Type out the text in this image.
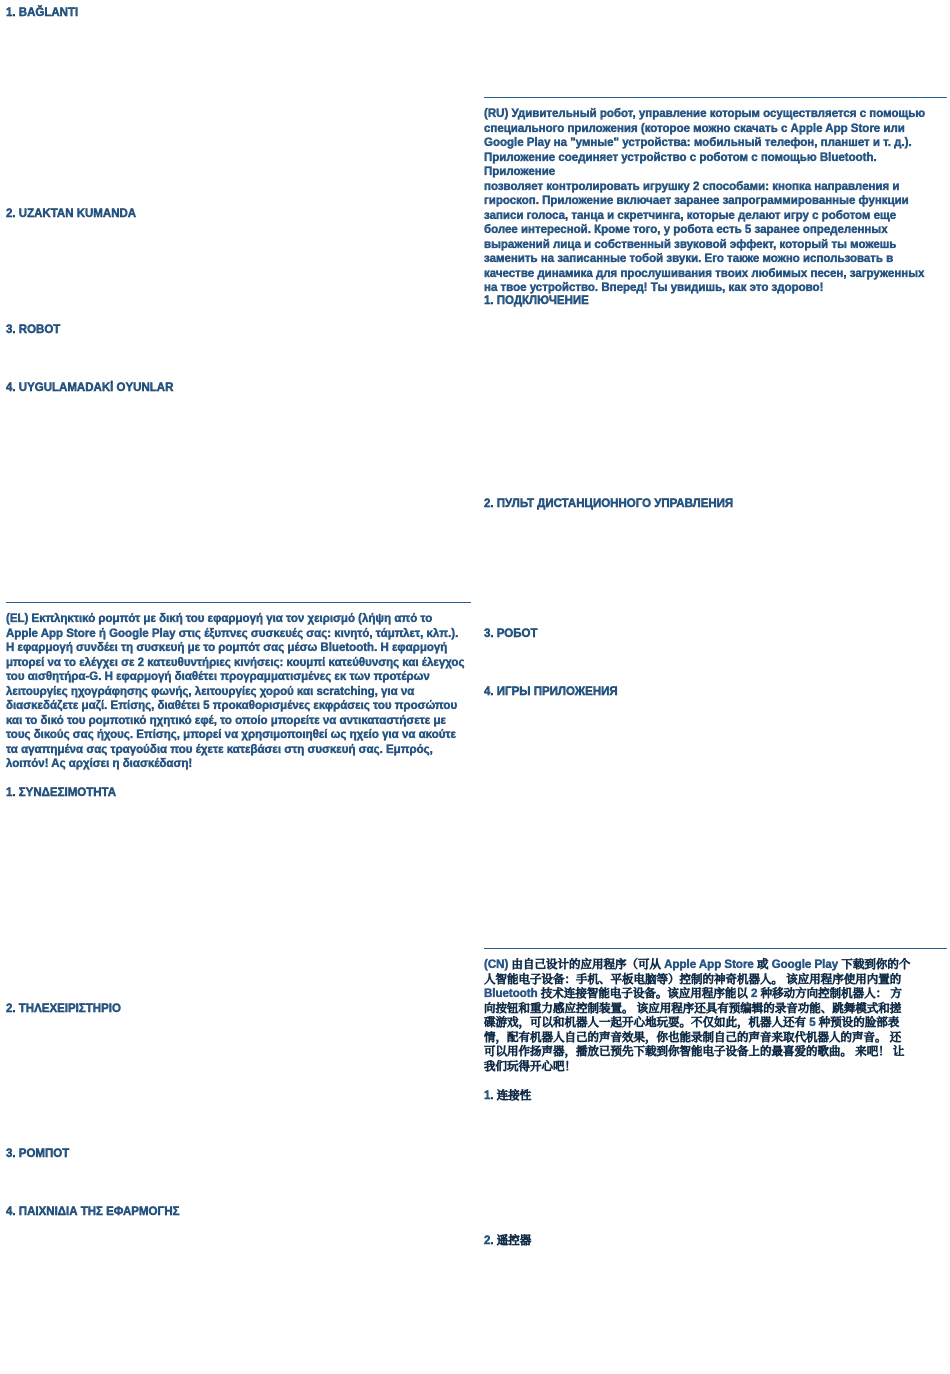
1. BAĞLANTI
2. UZAKTAN KUMANDA
3. ROBOT
4. UYGULAMADAKİ OYUNLAR
(EL) Εκπληκτικό ρομπότ με δική του εφαρμογή για τον χειρισμό (λήψη από το
Apple App Store ή Google Play στις έξυπνες συσκευές σας: κινητό, τάμπλετ, κλπ.).
Η εφαρμογή συνδέει τη συσκευή με το ρομπότ σας μέσω Bluetooth. Η εφαρμογή
μπορεί να το ελέγχει σε 2 κατευθυντήριες κινήσεις: κουμπί κατεύθυνσης και έλεγχος
του αισθητήρα-G. Η εφαρμογή διαθέτει προγραμματισμένες εκ των προτέρων
λειτουργίες ηχογράφησης φωνής, λειτουργίες χορού και scratching, για να
διασκεδάζετε μαζί. Επίσης, διαθέτει 5 προκαθορισμένες εκφράσεις του προσώπου
και το δικό του ρομποτικό ηχητικό εφέ, το οποίο μπορείτε να αντικαταστήσετε με
τους δικούς σας ήχους. Επίσης, μπορεί να χρησιμοποιηθεί ως ηχείο για να ακούτε
τα αγαπημένα σας τραγούδια που έχετε κατεβάσει στη συσκευή σας. Εμπρός,
λοιπόν! Ας αρχίσει η διασκέδαση!
1. ΣΥΝΔΕΣΙΜΟΤΗΤΑ
2. ΤΗΛΕΧΕΙΡΙΣΤΗΡΙΟ
3. ΡΟΜΠΟΤ
4. ΠΑΙΧΝΙΔΙΑ ΤΗΣ ΕΦΑΡΜΟΓΗΣ
(RU) Удивительный робот, управление которым осуществляется с помощью
специального приложения (которое можно скачать с Apple App Store или
Google Play на "умные" устройства: мобильный телефон, планшет и т. д.).
Приложение соединяет устройство с роботом с помощью Bluetooth. Приложение
позволяет контролировать игрушку 2 способами: кнопка направления и
гироскоп. Приложение включает заранее запрограммированные функции
записи голоса, танца и скретчинга, которые делают игру с роботом еще
более интересной. Кроме того, у робота есть 5 заранее определенных
выражений лица и собственный звуковой эффект, который ты можешь
заменить на записанные тобой звуки. Его также можно использовать в
качестве динамика для прослушивания твоих любимых песен, загруженных
на твое устройство. Вперед! Ты увидишь, как это здорово!
1. ПОДКЛЮЧЕНИЕ
2. ПУЛЬТ ДИСТАНЦИОННОГО УПРАВЛЕНИЯ
3. РОБОТ
4. ИГРЫ ПРИЛОЖЕНИЯ
(CN) 由自己设计的应用程序（可从 Apple App Store 或 Google Play 下载到你的个
人智能电子设备：手机、平板电脑等）控制的神奇机器人。 该应用程序使用内置的
Bluetooth 技术连接智能电子设备。该应用程序能以 2 种移动方向控制机器人： 方
向按钮和重力感应控制装置。 该应用程序还具有预编辑的录音功能、跳舞模式和搓
碟游戏，可以和机器人一起开心地玩耍。不仅如此，机器人还有 5 种预设的脸部表
情，配有机器人自己的声音效果，你也能录制自己的声音来取代机器人的声音。 还
可以用作扬声器，播放已预先下载到你智能电子设备上的最喜爱的歌曲。 来吧！ 让
我们玩得开心吧！
1. 连接性
2. 遥控器
